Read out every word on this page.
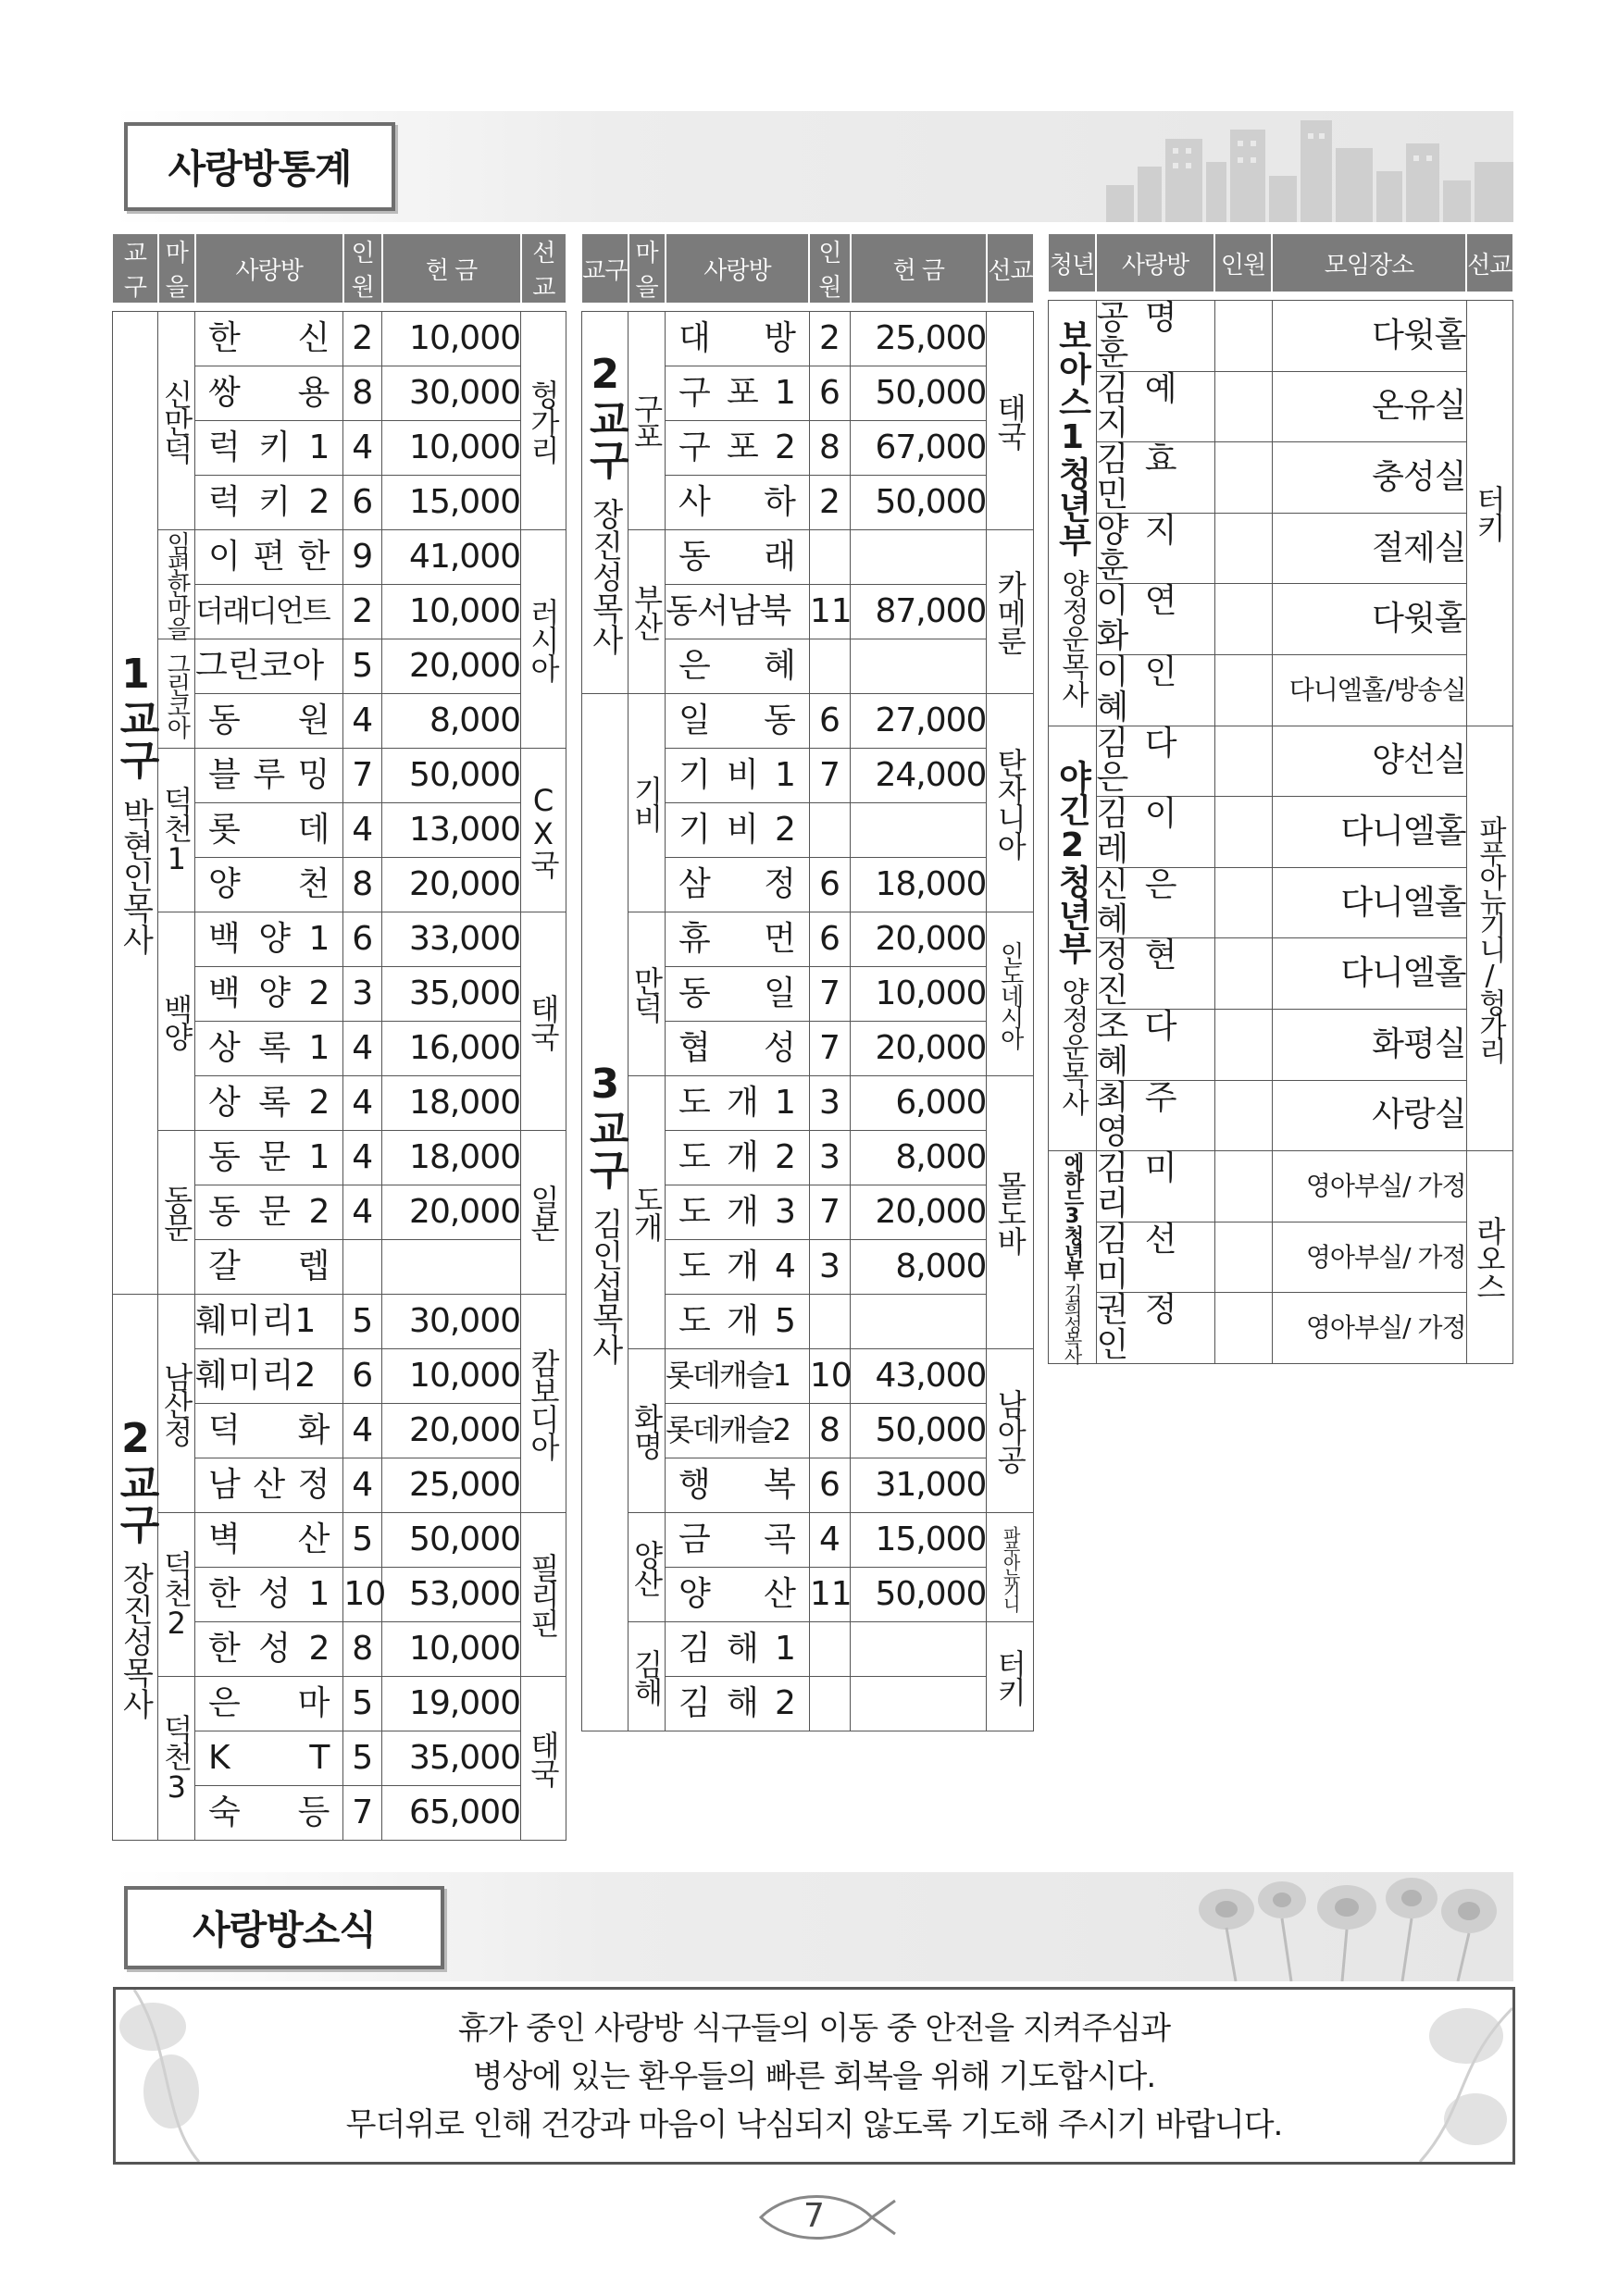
사랑방통계
교구	마을	사랑방	인원	헌 금	선교

1교구
박현인목사	신만덕	한 신	2	10,000	헝가리

		쌍 용	8	30,000	
		럭 키 1	4	10,000	
		럭 키 2	6	15,000	

	임편한마을	이 편 한	9	41,000	러시아

		더래디언트	2	10,000	

	그린코아	그린코아	5	20,000	
		동 원	4	8,000	

	덕천1	블 루 밍	7	50,000	CX국

		롯 데	4	13,000	
		양 천	8	20,000	

	백양	백 양 1	6	33,000	태국

		백 양 2	3	35,000	
		상 록 1	4	16,000	
		상 록 2	4	18,000	

	동문	동 문 1	4	18,000	일본

		동 문 2	4	20,000	
		갈 렙			

2교구
장진성목사	남산정	훼미리1	5	30,000	캄보디아

		훼미리2	6	10,000	
		덕 화	4	20,000	
		남 산 정	4	25,000	

	덕천2	벽 산	5	50,000	필리핀

		한 성 1	10	53,000	
		한 성 2	8	10,000	

	덕천3	은 마	5	19,000	태국

		K T	5	35,000	
		숙 등	7	65,000	
교구	마을	사랑방	인원	헌 금	선교

2교구
장진성목사	구포	대 방	2	25,000	태국

		구 포 1	6	50,000	
		구 포 2	8	67,000	
		사 하	2	50,000	

	부산	동 래			카메룬

		동서남북	11	87,000	
		은 혜			

3교구
김인섭목사	기비	일 동	6	27,000	탄자니아

		기 비 1	7	24,000	
		기 비 2			
		삼 정	6	18,000	

	만덕	휴 먼	6	20,000	인도네시아

		동 일	7	10,000	
		협 성	7	20,000	

	도개	도 개 1	3	6,000	몰도바

		도 개 2	3	8,000	
		도 개 3	7	20,000	
		도 개 4	3	8,000	
		도 개 5			

	화명	롯데캐슬1	10	43,000	남아공

		롯데캐슬2	8	50,000	
		행 복	6	31,000	

	양산	금 곡	4	15,000	파푸아뉴기니

		양 산	11	50,000	

	김해	김 해 1			터키

		김 해 2			
청년	사랑방	인원	모임장소	선교

보아스1청년부
양정운목사	공 명 훈		다윗홀	터키

	김 예 지		온유실	
	김 효 민		충성실	
	양 지 훈		절제실	
	이 연 화		다윗홀	
	이 인 혜		다니엘홀/방송실	

야긴2청년부
양정운목사	김 다 은		양선실	파푸아뉴기니/헝가리

	김 이 레		다니엘홀	
	신 은 혜		다니엘홀	
	정 현 진		다니엘홀	
	조 다 혜		화평실	
	최 주 영		사랑실	

에하드3청년부
김희성목사	김 미 리		영아부실/ 가정	라오스

	김 선 미		영아부실/ 가정	
	권 정 인		영아부실/ 가정	
사랑방소식

휴가 중인 사랑방 식구들의 이동 중 안전을 지켜주심과

병상에 있는 환우들의 빠른 회복을 위해 기도합시다.

무더위로 인해 건강과 마음이 낙심되지 않도록 기도해 주시기 바랍니다.

7
